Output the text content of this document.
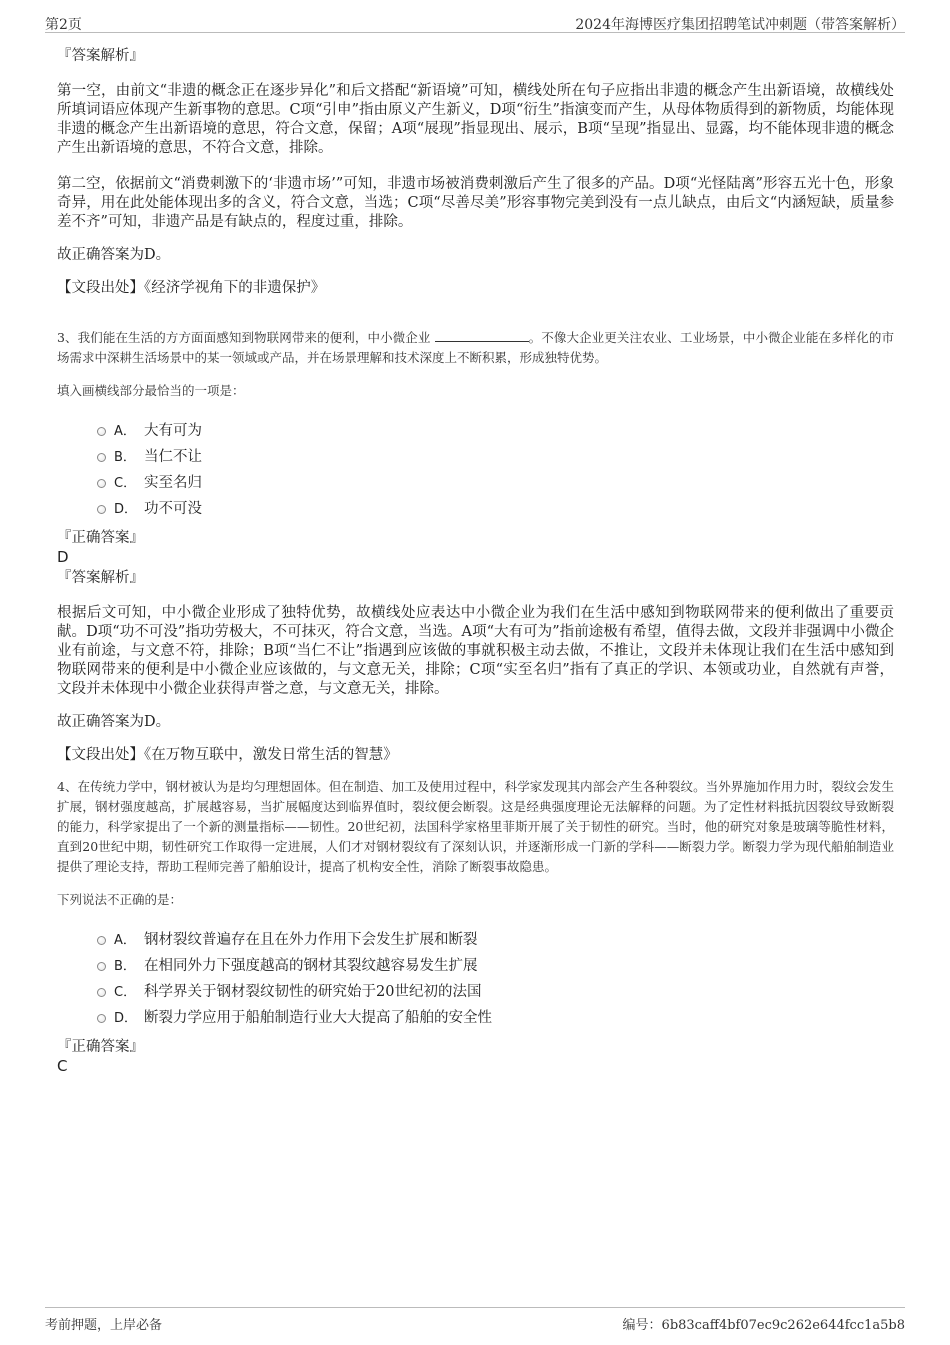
第2页	2024年海博医疗集团招聘笔试冲刺题（带答案解析）

『答案解析』

第一空，由前文“非遗的概念正在逐步异化”和后文搭配“新语境”可知，横线处所在句子应指出非遗的概念产生出新语境，故横线处所填词语应体现产生新事物的意思。C项“引申”指由原义产生新义，D项“衍生”指演变而产生，从母体物质得到的新物质，均能体现非遗的概念产生出新语境的意思，符合文意，保留；A项“展现”指显现出、展示，B项“呈现”指显出、显露，均不能体现非遗的概念产生出新语境的意思，不符合文意，排除。

第二空，依据前文“消费刺激下的‘非遗市场’”可知，非遗市场被消费刺激后产生了很多的产品。D项“光怪陆离”形容五光十色，形象奇异，用在此处能体现出多的含义，符合文意，当选；C项“尽善尽美”形容事物完美到没有一点儿缺点，由后文“内涵短缺，质量参差不齐”可知，非遗产品是有缺点的，程度过重，排除。

故正确答案为D。

【文段出处】《经济学视角下的非遗保护》

3、我们能在生活的方方面面感知到物联网带来的便利，中小微企业	。不像大企业更关注农业、工业场景，中小微企业能在多样化的市场需求中深耕生活场景中的某一领域或产品，并在场景理解和技术深度上不断积累，形成独特优势。

填入画横线部分最恰当的一项是：

A． 大有可为
B． 当仁不让
C． 实至名归
D． 功不可没

『正确答案』

D

『答案解析』

根据后文可知，中小微企业形成了独特优势，故横线处应表达中小微企业为我们在生活中感知到物联网带来的便利做出了重要贡献。D项“功不可没”指功劳极大，不可抹灭，符合文意，当选。A项“大有可为”指前途极有希望，值得去做，文段并非强调中小微企业有前途，与文意不符，排除；B项“当仁不让”指遇到应该做的事就积极主动去做，不推让，文段并未体现让我们在生活中感知到物联网带来的便利是中小微企业应该做的，与文意无关，排除；C项“实至名归”指有了真正的学识、本领或功业，自然就有声誉，文段并未体现中小微企业获得声誉之意，与文意无关，排除。

故正确答案为D。

【文段出处】《在万物互联中，激发日常生活的智慧》

4、在传统力学中，钢材被认为是均匀理想固体。但在制造、加工及使用过程中，科学家发现其内部会产生各种裂纹。当外界施加作用力时，裂纹会发生扩展，钢材强度越高，扩展越容易，当扩展幅度达到临界值时，裂纹便会断裂。这是经典强度理论无法解释的问题。为了定性材料抵抗因裂纹导致断裂的能力，科学家提出了一个新的测量指标——韧性。20世纪初，法国科学家格里菲斯开展了关于韧性的研究。当时，他的研究对象是玻璃等脆性材料，直到20世纪中期，韧性研究工作取得一定进展，人们才对钢材裂纹有了深刻认识，并逐渐形成一门新的学科——断裂力学。断裂力学为现代船舶制造业提供了理论支持，帮助工程师完善了船舶设计，提高了机构安全性，消除了断裂事故隐患。

下列说法不正确的是：

A． 钢材裂纹普遍存在且在外力作用下会发生扩展和断裂
B． 在相同外力下强度越高的钢材其裂纹越容易发生扩展
C． 科学界关于钢材裂纹韧性的研究始于20世纪初的法国
D． 断裂力学应用于船舶制造行业大大提高了船舶的安全性

『正确答案』

C

考前押题，上岸必备	编号：6b83caff4bf07ec9c262e644fcc1a5b8
